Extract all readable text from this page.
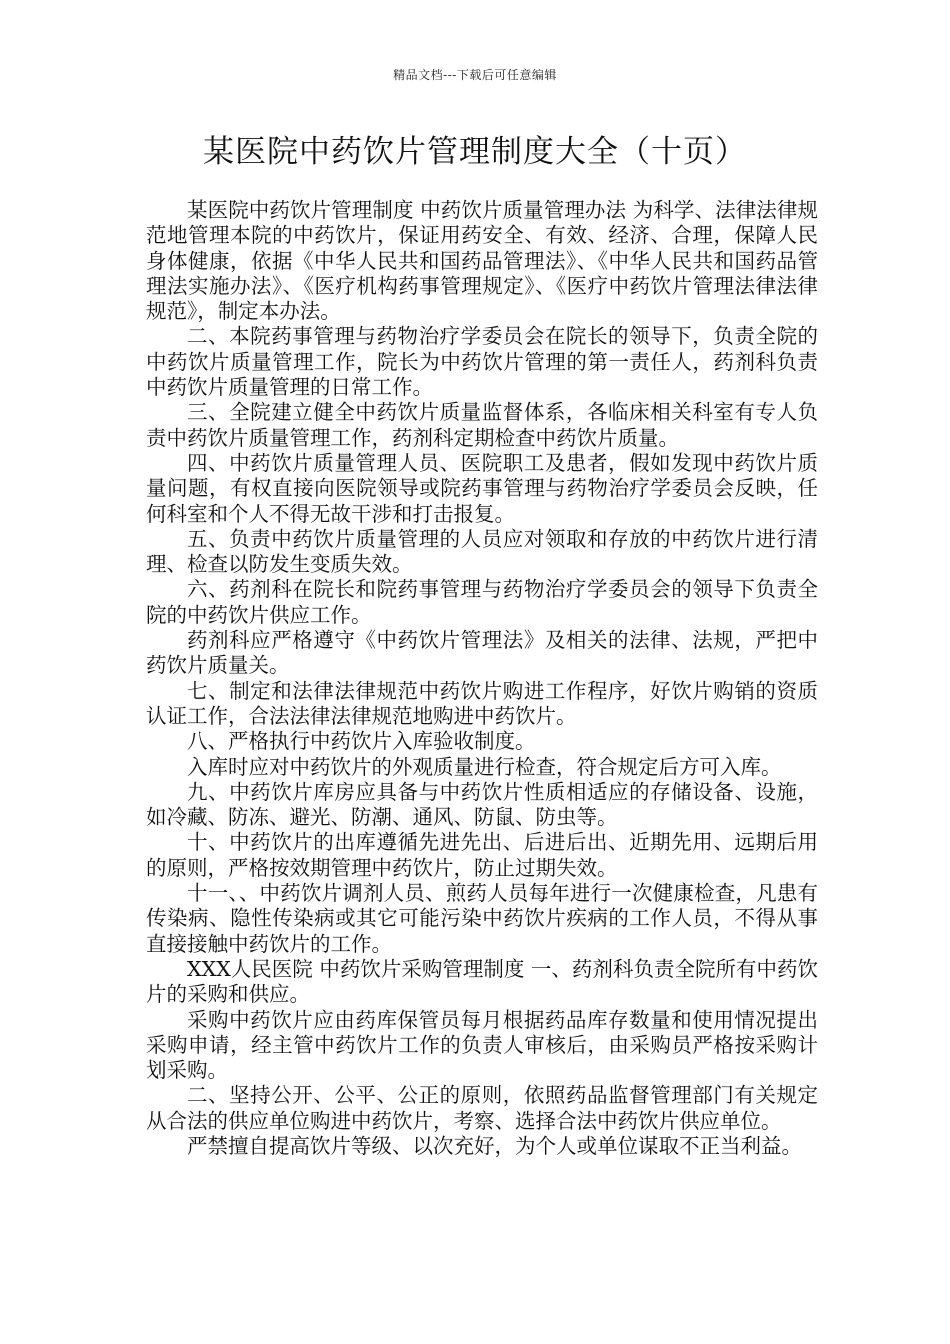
精品文档---下载后可任意编辑
某医院中药饮片管理制度大全（十页）

某医院中药饮片管理制度 中药饮片质量管理办法 为科学、法律法律规范地管理本院的中药饮片，保证用药安全、有效、经济、合理，保障人民身体健康，依据《中华人民共和国药品管理法》、《中华人民共和国药品管理法实施办法》、《医疗机构药事管理规定》、《医疗中药饮片管理法律法律规范》，制定本办法。

二、本院药事管理与药物治疗学委员会在院长的领导下，负责全院的中药饮片质量管理工作，院长为中药饮片管理的第一责任人，药剂科负责中药饮片质量管理的日常工作。

三、全院建立健全中药饮片质量监督体系，各临床相关科室有专人负责中药饮片质量管理工作，药剂科定期检查中药饮片质量。

四、中药饮片质量管理人员、医院职工及患者，假如发现中药饮片质量问题，有权直接向医院领导或院药事管理与药物治疗学委员会反映，任何科室和个人不得无故干涉和打击报复。

五、负责中药饮片质量管理的人员应对领取和存放的中药饮片进行清理、检查以防发生变质失效。

六、药剂科在院长和院药事管理与药物治疗学委员会的领导下负责全院的中药饮片供应工作。

药剂科应严格遵守《中药饮片管理法》及相关的法律、法规，严把中药饮片质量关。

七、制定和法律法律规范中药饮片购进工作程序，好饮片购销的资质认证工作，合法法律法律规范地购进中药饮片。

八、严格执行中药饮片入库验收制度。

入库时应对中药饮片的外观质量进行检查，符合规定后方可入库。

九、中药饮片库房应具备与中药饮片性质相适应的存储设备、设施，如冷藏、防冻、避光、防潮、通风、防鼠、防虫等。

十、中药饮片的出库遵循先进先出、后进后出、近期先用、远期后用的原则，严格按效期管理中药饮片，防止过期失效。

十一、、中药饮片调剂人员、煎药人员每年进行一次健康检查，凡患有传染病、隐性传染病或其它可能污染中药饮片疾病的工作人员，不得从事直接接触中药饮片的工作。

XXX人民医院 中药饮片采购管理制度 一、药剂科负责全院所有中药饮片的采购和供应。

采购中药饮片应由药库保管员每月根据药品库存数量和使用情况提出采购申请，经主管中药饮片工作的负责人审核后，由采购员严格按采购计划采购。

二、坚持公开、公平、公正的原则，依照药品监督管理部门有关规定从合法的供应单位购进中药饮片，考察、选择合法中药饮片供应单位。

严禁擅自提高饮片等级、以次充好，为个人或单位谋取不正当利益。
